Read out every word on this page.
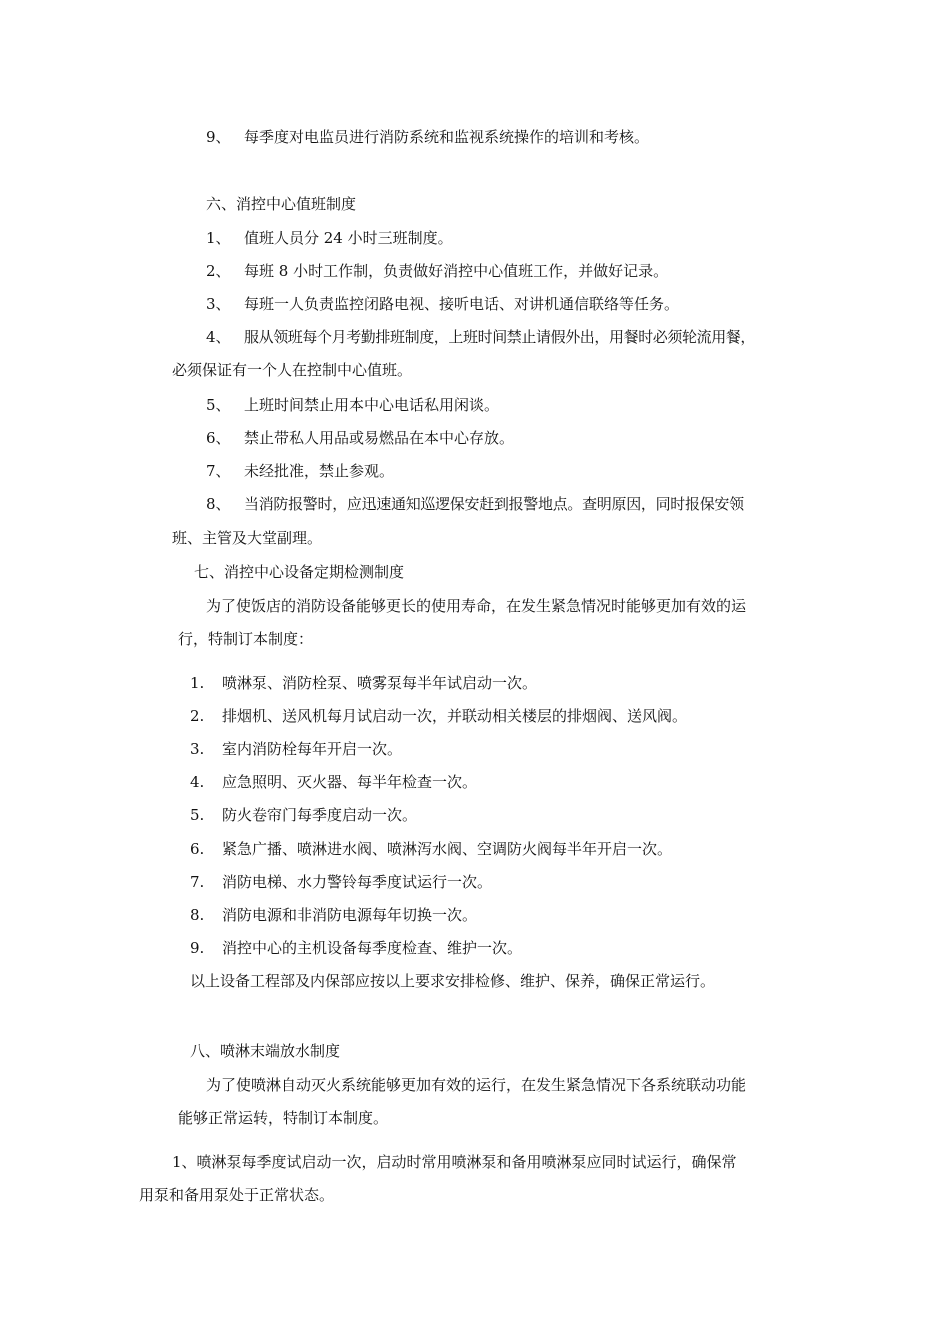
9、 每季度对电监员进行消防系统和监视系统操作的培训和考核。
六、消控中心值班制度
1、 值班人员分 24 小时三班制度。
2、 每班 8 小时工作制，负责做好消控中心值班工作，并做好记录。
3、 每班一人负责监控闭路电视、接听电话、对讲机通信联络等任务。
4、 服从领班每个月考勤排班制度，上班时间禁止请假外出，用餐时必须轮流用餐，
必须保证有一个人在控制中心值班。
5、 上班时间禁止用本中心电话私用闲谈。
6、 禁止带私人用品或易燃品在本中心存放。
7、 未经批准，禁止参观。
8、 当消防报警时，应迅速通知巡逻保安赶到报警地点。查明原因，同时报保安领
班、主管及大堂副理。
七、消控中心设备定期检测制度
为了使饭店的消防设备能够更长的使用寿命，在发生紧急情况时能够更加有效的运
行，特制订本制度：
1. 喷淋泵、消防栓泵、喷雾泵每半年试启动一次。
2. 排烟机、送风机每月试启动一次，并联动相关楼层的排烟阀、送风阀。
3. 室内消防栓每年开启一次。
4. 应急照明、灭火器、每半年检查一次。
5. 防火卷帘门每季度启动一次。
6. 紧急广播、喷淋进水阀、喷淋泻水阀、空调防火阀每半年开启一次。
7. 消防电梯、水力警铃每季度试运行一次。
8. 消防电源和非消防电源每年切换一次。
9. 消控中心的主机设备每季度检查、维护一次。
以上设备工程部及内保部应按以上要求安排检修、维护、保养，确保正常运行。
八、喷淋末端放水制度
为了使喷淋自动灭火系统能够更加有效的运行，在发生紧急情况下各系统联动功能
能够正常运转，特制订本制度。
1、喷淋泵每季度试启动一次，启动时常用喷淋泵和备用喷淋泵应同时试运行，确保常
用泵和备用泵处于正常状态。
